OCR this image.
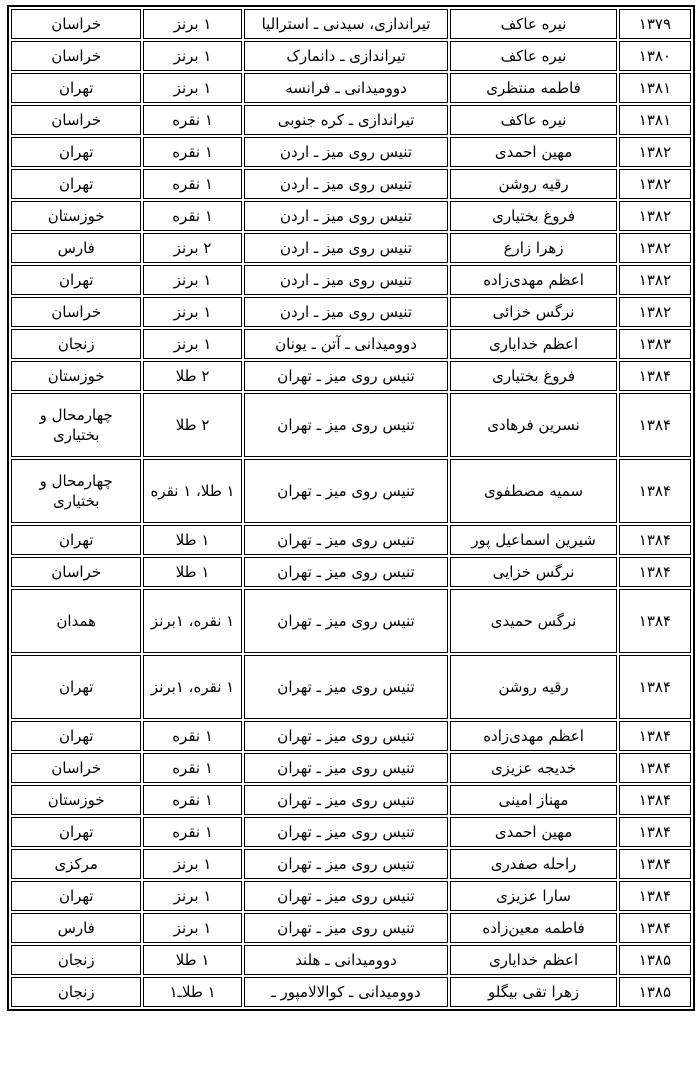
۱۳۷۹	نیره عاکف	تیراندازی، سیدنی ـ استرالیا	۱ برنز	خراسان
۱۳۸۰	نیره عاکف	تیراندازی ـ دانمارک	۱ برنز	خراسان
۱۳۸۱	فاطمه منتظری	دوومیدانی ـ فرانسه	۱ برنز	تهران
۱۳۸۱	نیره عاکف	تیراندازی ـ کره جنوبی	۱ نقره	خراسان
۱۳۸۲	مهین احمدی	تنیس روی میز ـ اردن	۱ نقره	تهران
۱۳۸۲	رقیه روشن	تنیس روی میز ـ اردن	۱ نقره	تهران
۱۳۸۲	فروغ بختیاری	تنیس روی میز ـ اردن	۱ نقره	خوزستان
۱۳۸۲	زهرا زارع	تنیس روی میز ـ اردن	۲ برنز	فارس
۱۳۸۲	اعظم مهدی‌زاده	تنیس روی میز ـ اردن	۱ برنز	تهران
۱۳۸۲	نرگس خزائی	تنیس روی میز ـ اردن	۱ برنز	خراسان
۱۳۸۳	اعظم خدایاری	دوومیدانی ـ آتن ـ یونان	۱ برنز	زنجان
۱۳۸۴	فروغ بختیاری	تنیس روی میز ـ تهران	۲ طلا	خوزستان
۱۳۸۴	نسرین فرهادی	تنیس روی میز ـ تهران	۲ طلا	چهارمحال و بختیاری
۱۳۸۴	سمیه مصطفوی	تنیس روی میز ـ تهران	۱ طلا، ۱ نقره	چهارمحال و بختیاری
۱۳۸۴	شیرین اسماعیل پور	تنیس روی میز ـ تهران	۱ طلا	تهران
۱۳۸۴	نرگس خزایی	تنیس روی میز ـ تهران	۱ طلا	خراسان
۱۳۸۴	نرگس حمیدی	تنیس روی میز ـ تهران	۱ نقره، ۱برنز	همدان
۱۳۸۴	رقیه روشن	تنیس روی میز ـ تهران	۱ نقره، ۱برنز	تهران
۱۳۸۴	اعظم مهدی‌زاده	تنیس روی میز ـ تهران	۱ نقره	تهران
۱۳۸۴	خدیجه عزیزی	تنیس روی میز ـ تهران	۱ نقره	خراسان
۱۳۸۴	مهناز امینی	تنیس روی میز ـ تهران	۱ نقره	خوزستان
۱۳۸۴	مهین احمدی	تنیس روی میز ـ تهران	۱ نقره	تهران
۱۳۸۴	راحله صفدری	تنیس روی میز ـ تهران	۱ برنز	مرکزی
۱۳۸۴	سارا عزیزی	تنیس روی میز ـ تهران	۱ برنز	تهران
۱۳۸۴	فاطمه معین‌زاده	تنیس روی میز ـ تهران	۱ برنز	فارس
۱۳۸۵	اعظم خدایاری	دوومیدانی ـ هلند	۱ طلا	زنجان
۱۳۸۵	زهرا تقی بیگلو	دوومیدانی ـ کوالالامپور ـ	۱ طلاـ۱	زنجان
